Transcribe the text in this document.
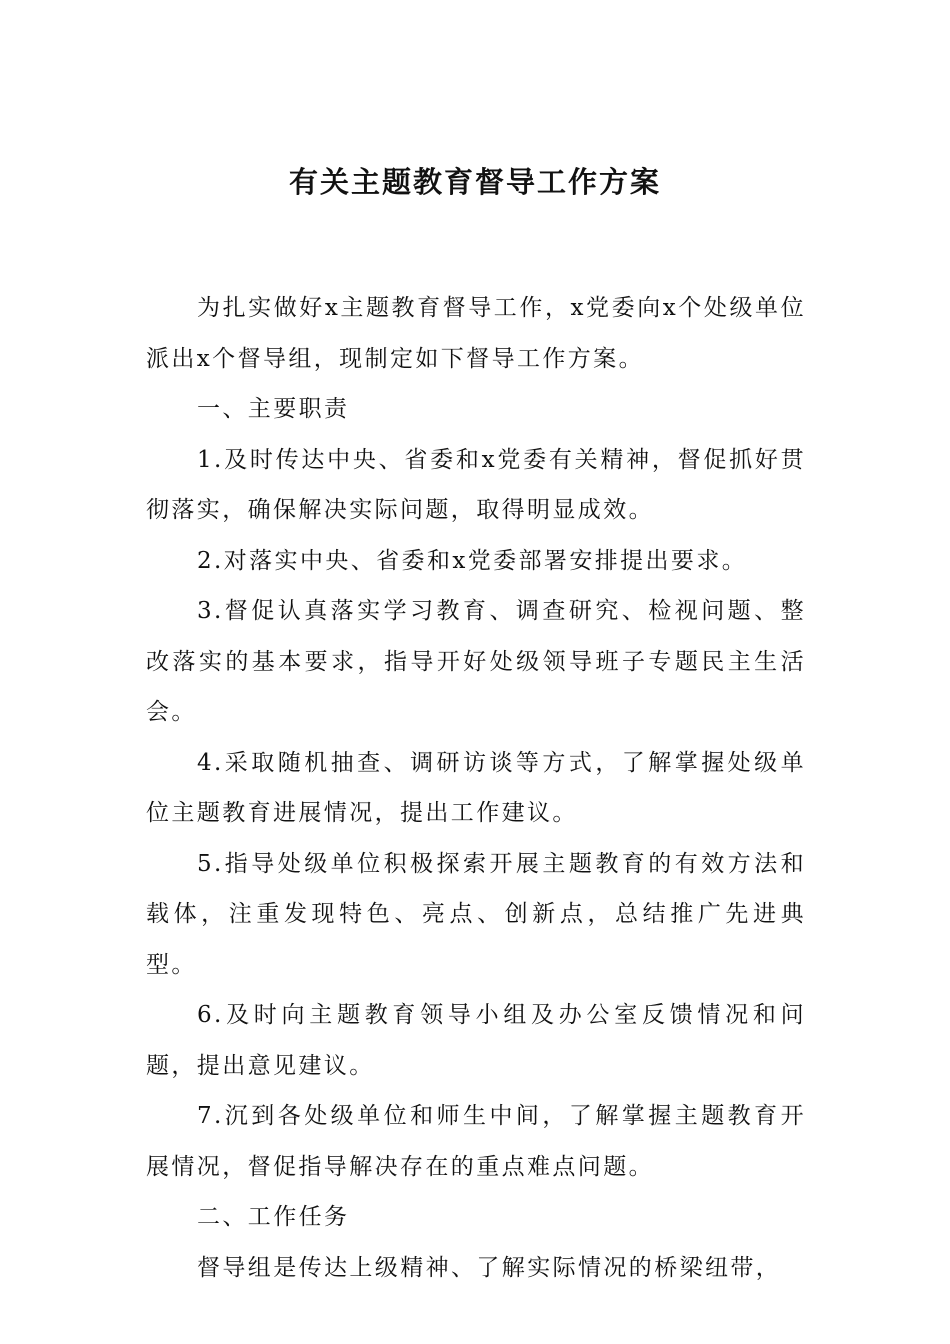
有关主题教育督导工作方案

为扎实做好x主题教育督导工作，x党委向x个处级单位派出x个督导组，现制定如下督导工作方案。

一、主要职责

1.及时传达中央、省委和x党委有关精神，督促抓好贯彻落实，确保解决实际问题，取得明显成效。

2.对落实中央、省委和x党委部署安排提出要求。

3.督促认真落实学习教育、调查研究、检视问题、整改落实的基本要求，指导开好处级领导班子专题民主生活会。

4.采取随机抽查、调研访谈等方式，了解掌握处级单位主题教育进展情况，提出工作建议。

5.指导处级单位积极探索开展主题教育的有效方法和载体，注重发现特色、亮点、创新点，总结推广先进典型。

6.及时向主题教育领导小组及办公室反馈情况和问题，提出意见建议。

7.沉到各处级单位和师生中间，了解掌握主题教育开展情况，督促指导解决存在的重点难点问题。

二、工作任务

督导组是传达上级精神、了解实际情况的桥梁纽带，
